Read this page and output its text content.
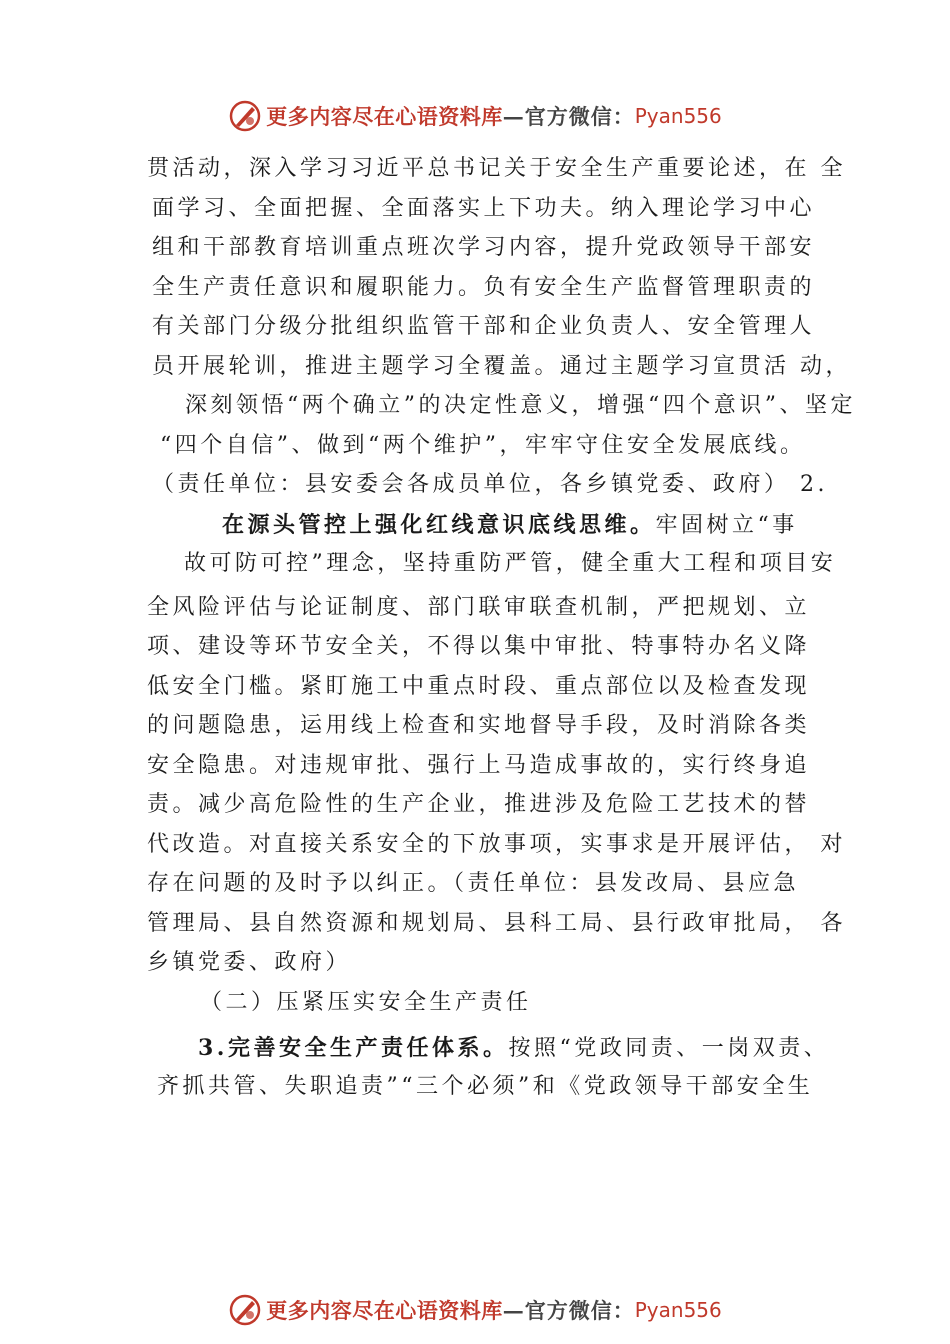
更多内容尽在心语资料库 — 官方微信： Pyan556
贯活动，深入学习习近平总书记关于安全生产重要论述，在 全
面学习、全面把握、全面落实上下功夫。纳入理论学习中心
组和干部教育培训重点班次学习内容，提升党政领导干部安
全生产责任意识和履职能力。负有安全生产监督管理职责的
有关部门分级分批组织监管干部和企业负责人、安全管理人
员开展轮训，推进主题学习全覆盖。通过主题学习宣贯活 动，
深刻领悟“两个确立”的决定性意义，增强“四个意识”、坚定
“四个自信”、做到“两个维护”，牢牢守住安全发展底线。
（责任单位：县安委会各成员单位，各乡镇党委、政府） 2.
在源头管控上强化红线意识底线思维。牢固树立“事
故可防可控”理念，坚持重防严管，健全重大工程和项目安
全风险评估与论证制度、部门联审联查机制，严把规划、立
项、建设等环节安全关，不得以集中审批、特事特办名义降
低安全门槛。紧盯施工中重点时段、重点部位以及检查发现
的问题隐患，运用线上检查和实地督导手段，及时消除各类
安全隐患。对违规审批、强行上马造成事故的，实行终身追
责。减少高危险性的生产企业，推进涉及危险工艺技术的替
代改造。对直接关系安全的下放事项，实事求是开展评估， 对
存在问题的及时予以纠正。（责任单位：县发改局、县应急
管理局、县自然资源和规划局、县科工局、县行政审批局， 各
乡镇党委、政府）
（二）压紧压实安全生产责任
3.完善安全生产责任体系。按照“党政同责、一岗双责、
齐抓共管、失职追责”“三个必须”和《党政领导干部安全生
更多内容尽在心语资料库 — 官方微信： Pyan556
